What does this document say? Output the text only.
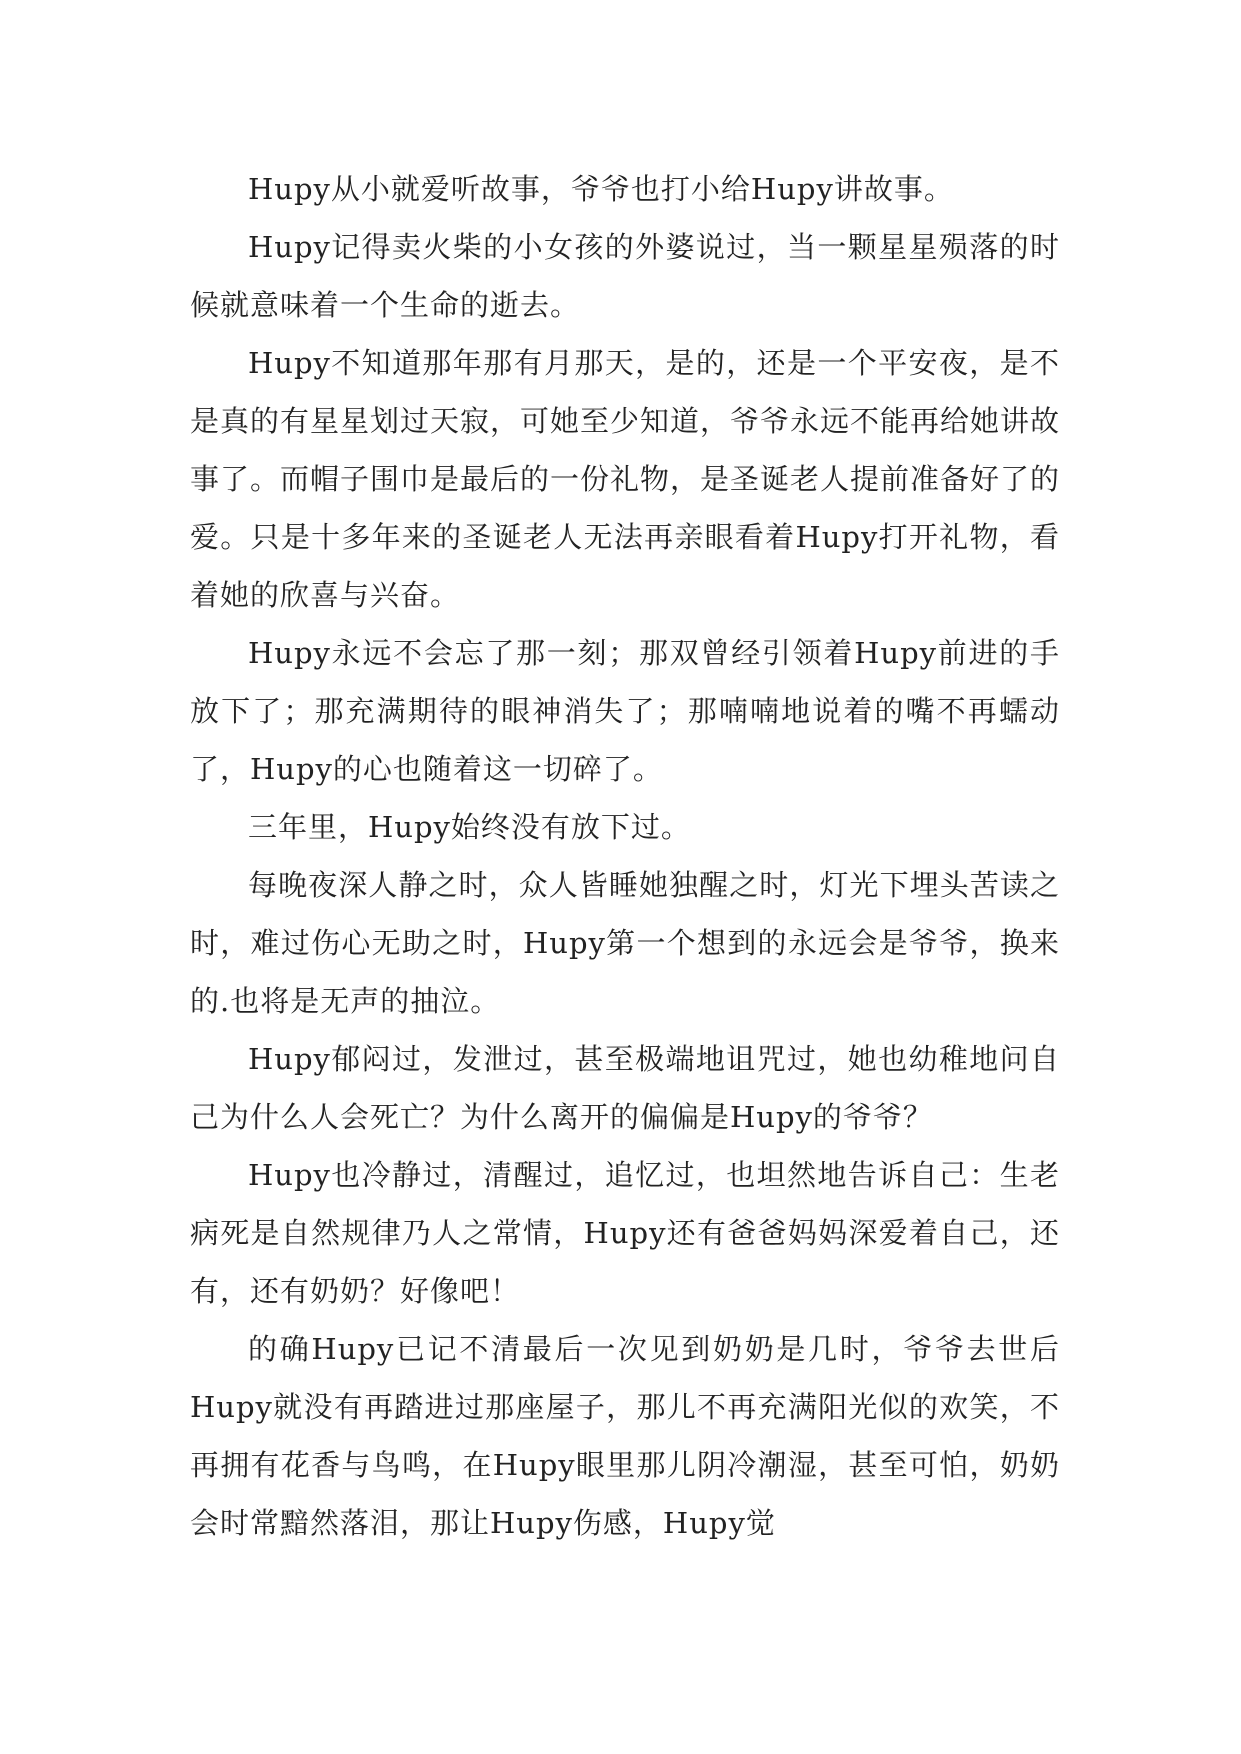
Hupy从小就爱听故事，爷爷也打小给Hupy讲故事。

Hupy记得卖火柴的小女孩的外婆说过，当一颗星星殒落的时候就意味着一个生命的逝去。

Hupy不知道那年那有月那天，是的，还是一个平安夜，是不是真的有星星划过天寂，可她至少知道，爷爷永远不能再给她讲故事了。而帽子围巾是最后的一份礼物，是圣诞老人提前准备好了的爱。只是十多年来的圣诞老人无法再亲眼看着Hupy打开礼物，看着她的欣喜与兴奋。

Hupy永远不会忘了那一刻；那双曾经引领着Hupy前进的手放下了；那充满期待的眼神消失了；那喃喃地说着的嘴不再蠕动了，Hupy的心也随着这一切碎了。

三年里，Hupy始终没有放下过。

每晚夜深人静之时，众人皆睡她独醒之时，灯光下埋头苦读之时，难过伤心无助之时，Hupy第一个想到的永远会是爷爷，换来的.也将是无声的抽泣。

Hupy郁闷过，发泄过，甚至极端地诅咒过，她也幼稚地问自己为什么人会死亡？为什么离开的偏偏是Hupy的爷爷？

Hupy也冷静过，清醒过，追忆过，也坦然地告诉自己：生老病死是自然规律乃人之常情，Hupy还有爸爸妈妈深爱着自己，还有，还有奶奶？好像吧！

的确Hupy已记不清最后一次见到奶奶是几时，爷爷去世后Hupy就没有再踏进过那座屋子，那儿不再充满阳光似的欢笑，不再拥有花香与鸟鸣，在Hupy眼里那儿阴冷潮湿，甚至可怕，奶奶会时常黯然落泪，那让Hupy伤感，Hupy觉
